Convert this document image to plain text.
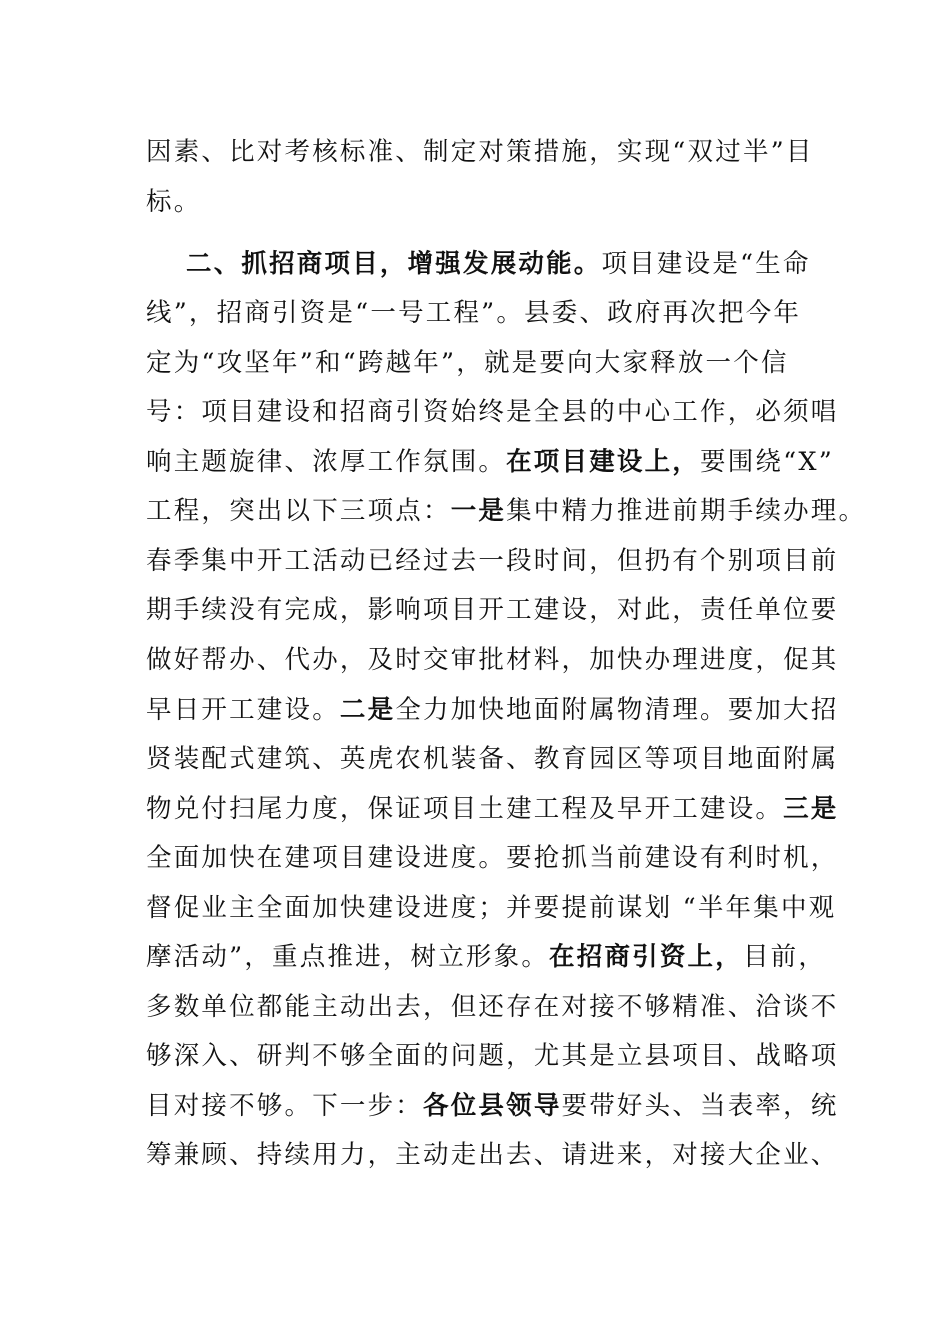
因素、比对考核标准、制定对策措施，实现“双过半”目
标。
二、抓招商项目，增强发展动能。项目建设是“生命
线”，招商引资是“一号工程”。县委、政府再次把今年
定为“攻坚年”和“跨越年”，就是要向大家释放一个信
号：项目建设和招商引资始终是全县的中心工作，必须唱
响主题旋律、浓厚工作氛围。在项目建设上，要围绕“X”
工程，突出以下三项点：一是集中精力推进前期手续办理。
春季集中开工活动已经过去一段时间，但扔有个别项目前
期手续没有完成，影响项目开工建设，对此，责任单位要
做好帮办、代办，及时交审批材料，加快办理进度，促其
早日开工建设。二是全力加快地面附属物清理。要加大招
贤装配式建筑、英虎农机装备、教育园区等项目地面附属
物兑付扫尾力度，保证项目土建工程及早开工建设。三是
全面加快在建项目建设进度。要抢抓当前建设有利时机，
督促业主全面加快建设进度；并要提前谋划 “半年集中观
摩活动”，重点推进，树立形象。在招商引资上，目前，
多数单位都能主动出去，但还存在对接不够精准、洽谈不
够深入、研判不够全面的问题，尤其是立县项目、战略项
目对接不够。下一步：各位县领导要带好头、当表率，统
筹兼顾、持续用力，主动走出去、请进来，对接大企业、
